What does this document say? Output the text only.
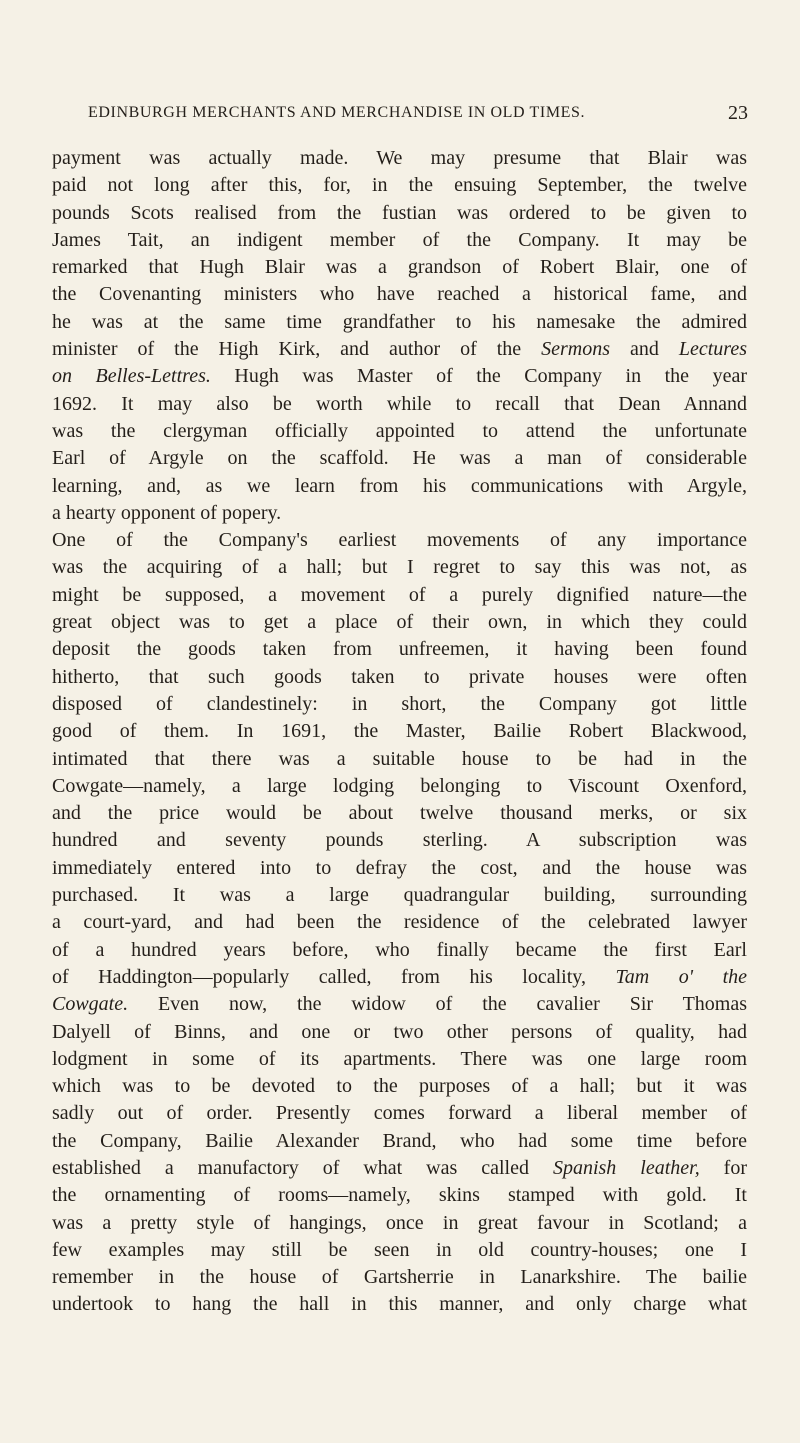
EDINBURGH MERCHANTS AND MERCHANDISE IN OLD TIMES.	23
payment was actually made. We may presume that Blair was
paid not long after this, for, in the ensuing September, the twelve
pounds Scots realised from the fustian was ordered to be given to
James Tait, an indigent member of the Company. It may be
remarked that Hugh Blair was a grandson of Robert Blair, one of
the Covenanting ministers who have reached a historical fame, and
he was at the same time grandfather to his namesake the admired
minister of the High Kirk, and author of the Sermons and Lectures
on Belles-Lettres. Hugh was Master of the Company in the year
1692. It may also be worth while to recall that Dean Annand
was the clergyman officially appointed to attend the unfortunate
Earl of Argyle on the scaffold. He was a man of considerable
learning, and, as we learn from his communications with Argyle,
a hearty opponent of popery.
One of the Company's earliest movements of any importance
was the acquiring of a hall; but I regret to say this was not, as
might be supposed, a movement of a purely dignified nature—the
great object was to get a place of their own, in which they could
deposit the goods taken from unfreemen, it having been found
hitherto, that such goods taken to private houses were often
disposed of clandestinely: in short, the Company got little
good of them. In 1691, the Master, Bailie Robert Blackwood,
intimated that there was a suitable house to be had in the
Cowgate—namely, a large lodging belonging to Viscount Oxenford,
and the price would be about twelve thousand merks, or six
hundred and seventy pounds sterling. A subscription was
immediately entered into to defray the cost, and the house was
purchased. It was a large quadrangular building, surrounding
a court-yard, and had been the residence of the celebrated lawyer
of a hundred years before, who finally became the first Earl
of Haddington—popularly called, from his locality, Tam o' the
Cowgate. Even now, the widow of the cavalier Sir Thomas
Dalyell of Binns, and one or two other persons of quality, had
lodgment in some of its apartments. There was one large room
which was to be devoted to the purposes of a hall; but it was
sadly out of order. Presently comes forward a liberal member of
the Company, Bailie Alexander Brand, who had some time before
established a manufactory of what was called Spanish leather, for
the ornamenting of rooms—namely, skins stamped with gold. It
was a pretty style of hangings, once in great favour in Scotland; a
few examples may still be seen in old country-houses; one I
remember in the house of Gartsherrie in Lanarkshire. The bailie
undertook to hang the hall in this manner, and only charge what
